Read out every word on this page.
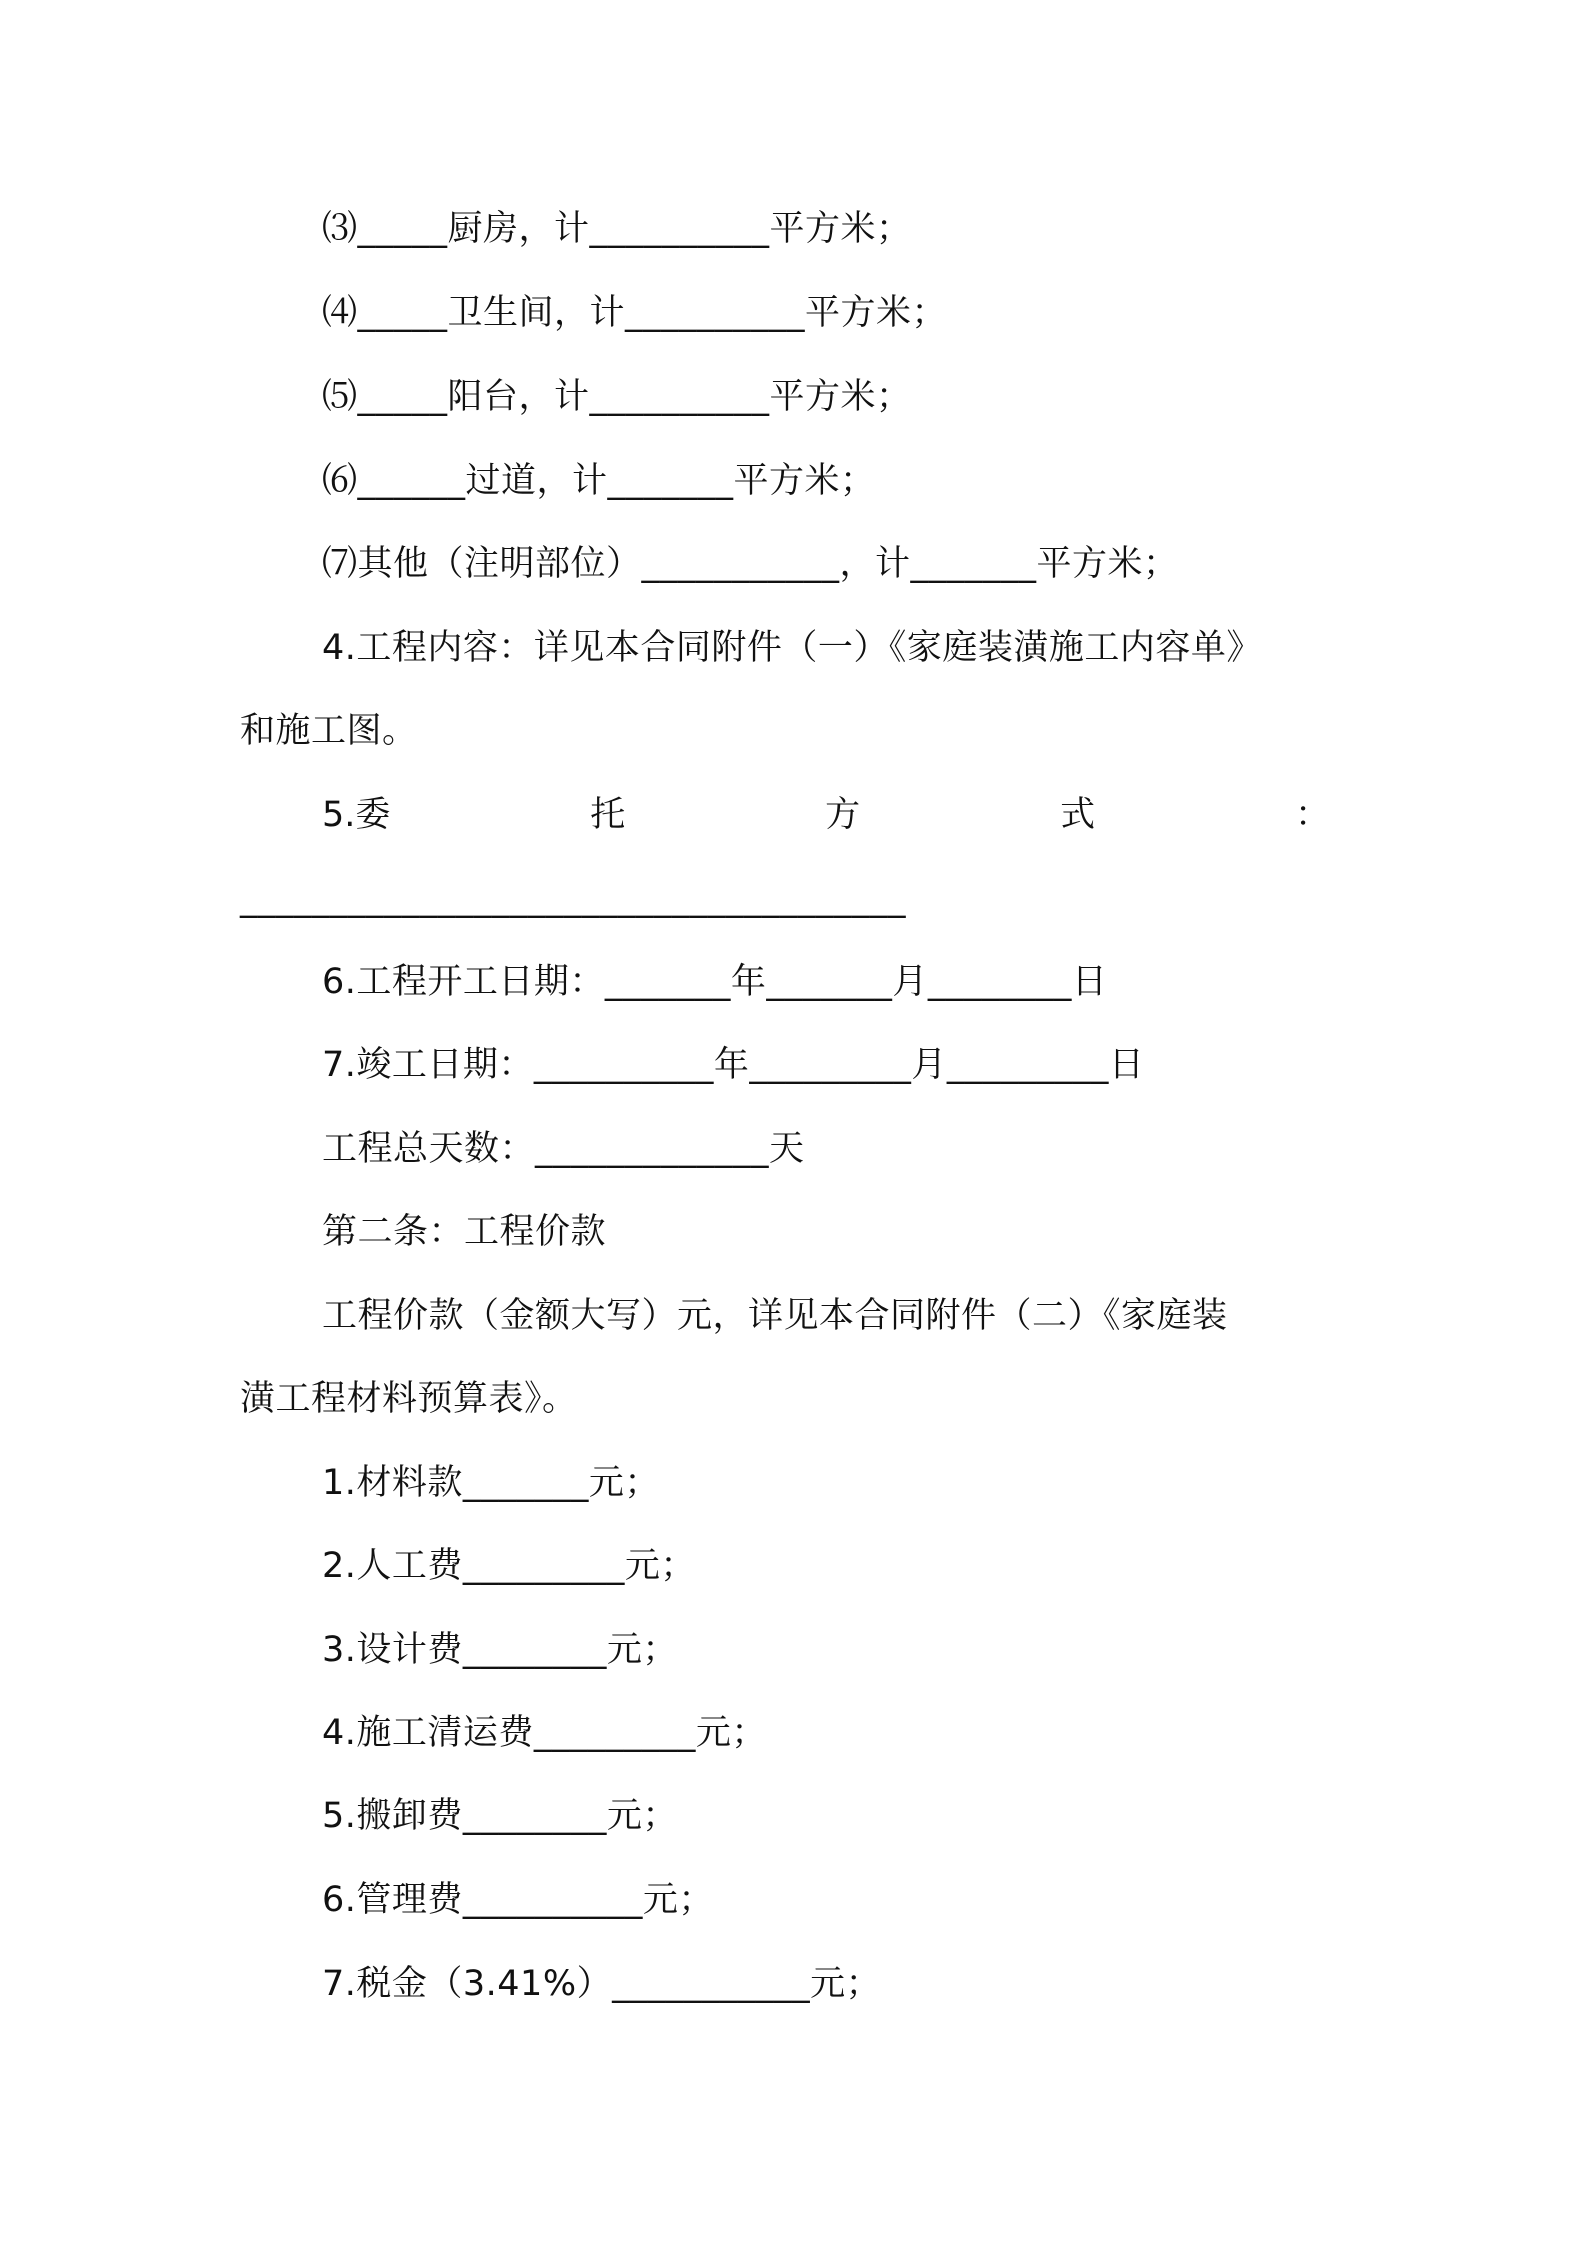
⑶_____厨房，计__________平方米；
⑷_____卫生间，计__________平方米；
⑸_____阳台，计__________平方米；
⑹______过道，计_______平方米；
⑺其他（注明部位）___________，计_______平方米；
4.工程内容：详见本合同附件（一）《家庭装潢施工内容单》
和施工图。
5.委	托	方	式	：
_____________________________________
6.工程开工日期：_______年_______月________日
7.竣工日期：__________年_________月_________日
工程总天数：_____________天
第二条：工程价款
工程价款（金额大写）元，详见本合同附件（二）《家庭装
潢工程材料预算表》。
1.材料款_______元；
2.人工费_________元；
3.设计费________元；
4.施工清运费_________元；
5.搬卸费________元；
6.管理费__________元；
7.税金（3.41%）___________元；
